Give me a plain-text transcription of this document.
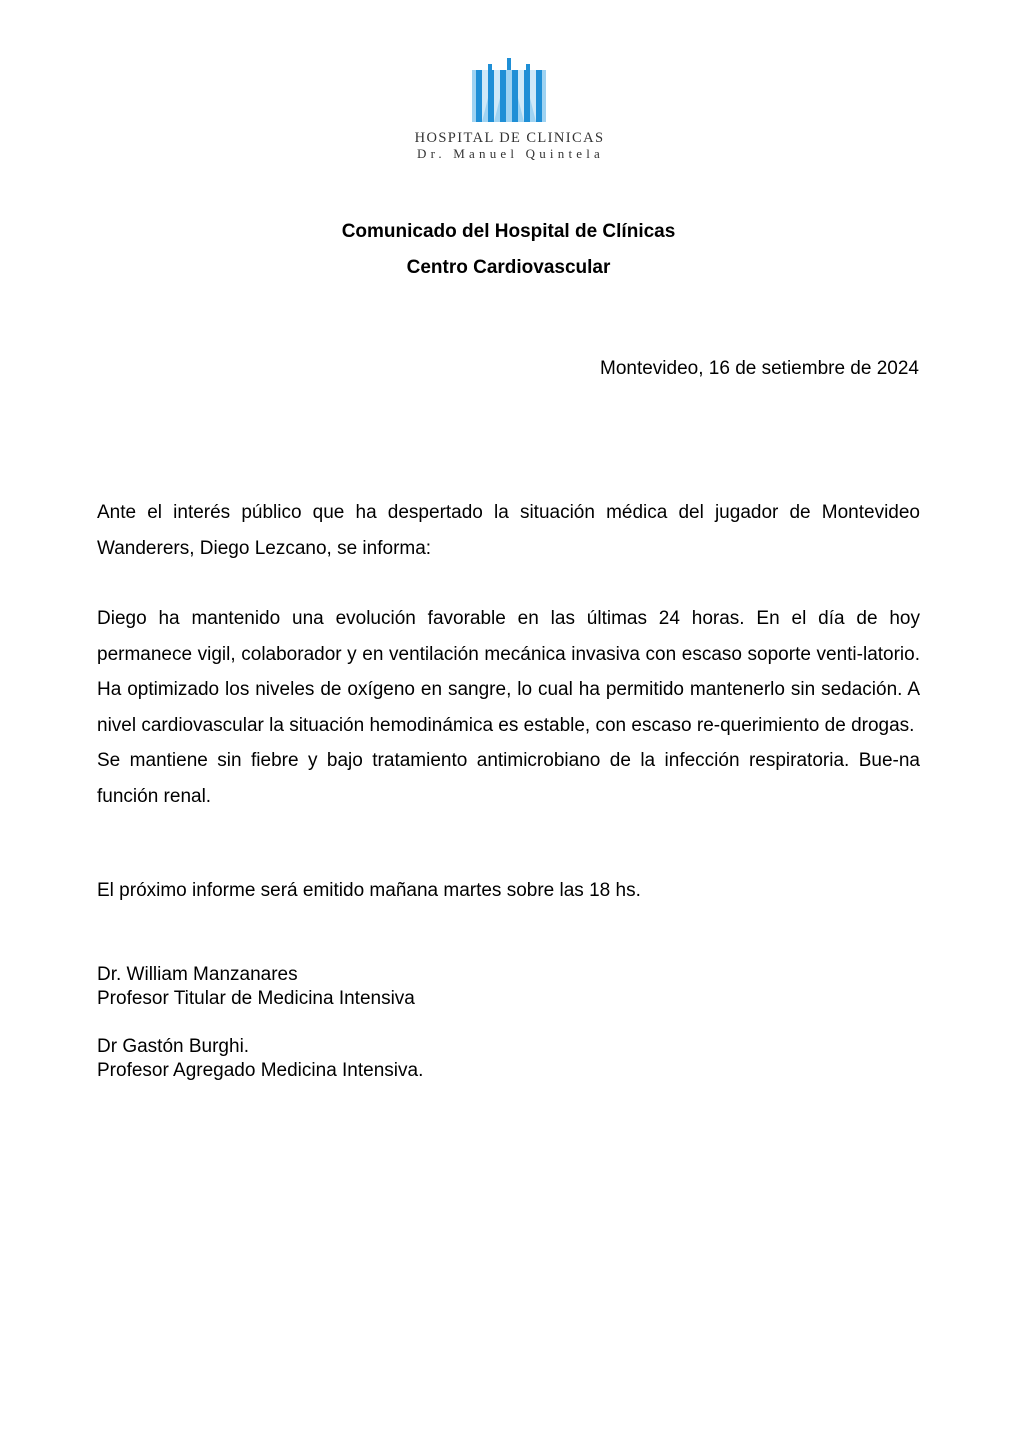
HOSPITAL DE CLINICAS
Dr. Manuel Quintela
Comunicado del Hospital de Clínicas
Centro Cardiovascular
Montevideo, 16 de setiembre de 2024

Ante el interés público que ha despertado la situación médica del jugador de Montevideo Wanderers, Diego Lezcano, se informa:

Diego ha mantenido una evolución favorable en las últimas 24 horas. En el día de hoy permanece vigil, colaborador y en ventilación mecánica invasiva con escaso soporte venti-latorio. Ha optimizado los niveles de oxígeno en sangre, lo cual ha permitido mantenerlo sin sedación. A nivel cardiovascular la situación hemodinámica es estable, con escaso re-querimiento de drogas.

Se mantiene sin fiebre y bajo tratamiento antimicrobiano de la infección respiratoria. Bue-na función renal.

El próximo informe será emitido mañana martes sobre las 18 hs.

Dr. William Manzanares
Profesor Titular de Medicina Intensiva
Dr Gastón Burghi.
Profesor Agregado Medicina Intensiva.
